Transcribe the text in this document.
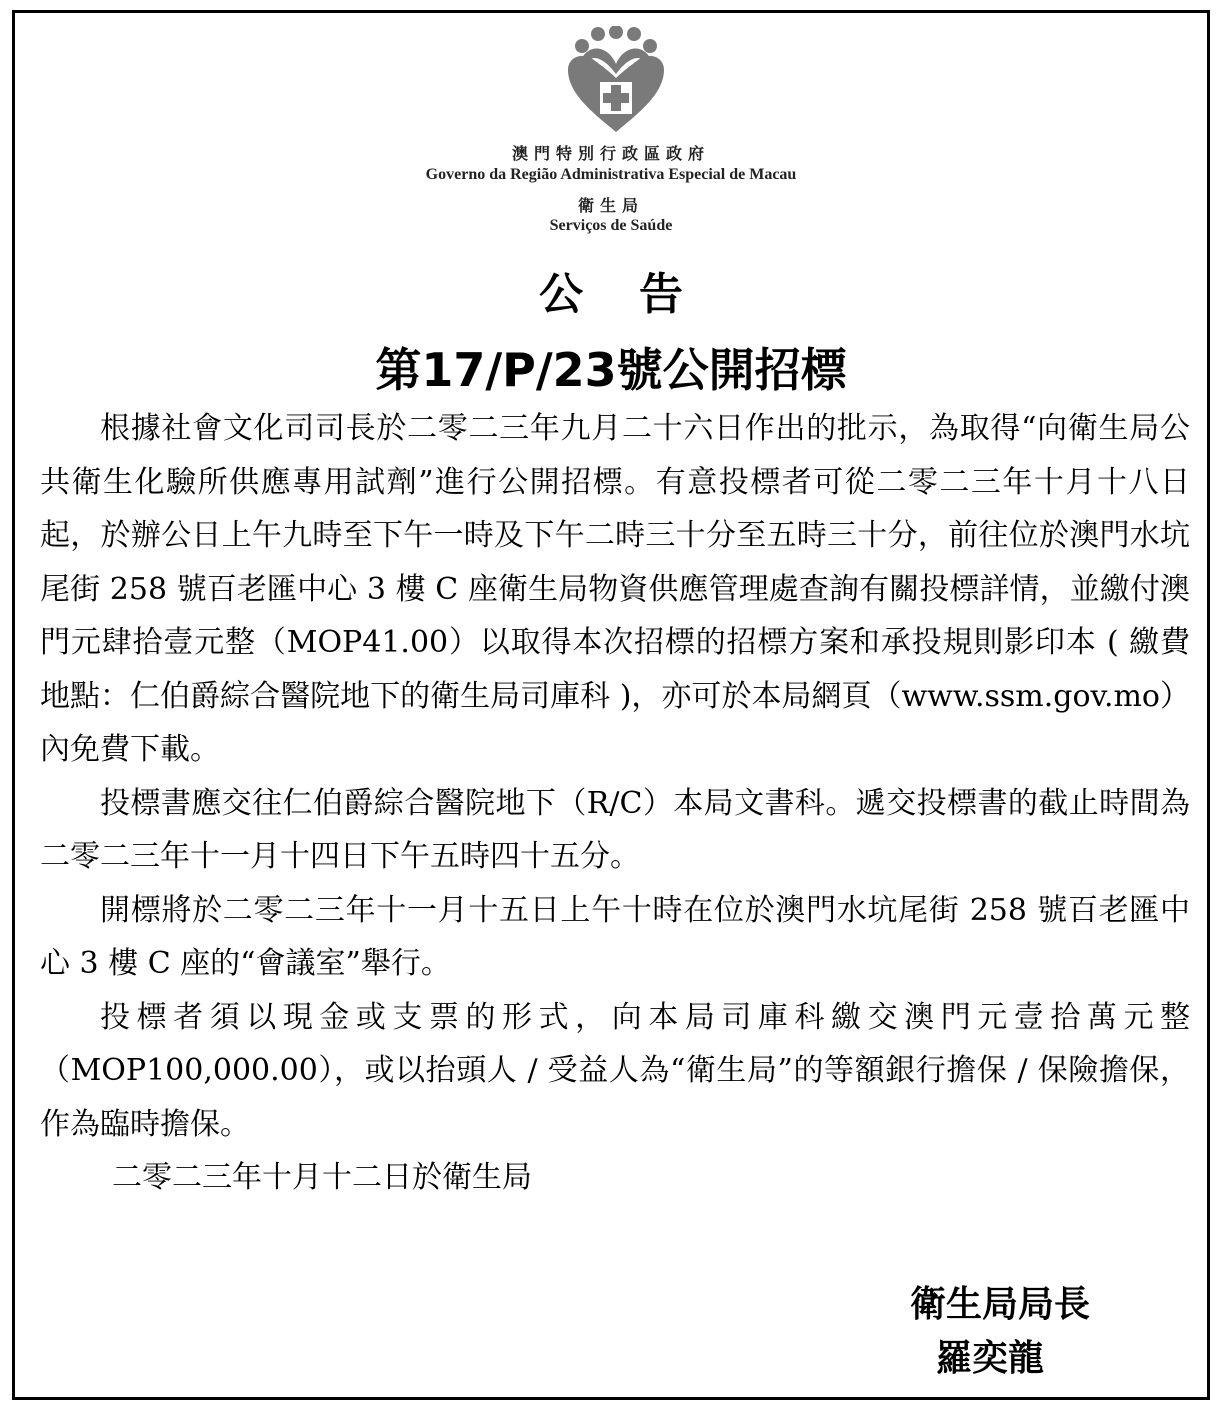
澳門特別行政區政府
Governo da Região Administrativa Especial de Macau
衛生局
Serviços de Saúde
公告
第17/P/23號公開招標

根據社會文化司司長於二零二三年九月二十六日作出的批示，為取得“向衛生局公共衛生化驗所供應專用試劑”進行公開招標。有意投標者可從二零二三年十月十八日起，於辦公日上午九時至下午一時及下午二時三十分至五時三十分，前往位於澳門水坑尾街 258 號百老匯中心 3 樓 C 座衛生局物資供應管理處查詢有關投標詳情，並繳付澳門元肆拾壹元整（MOP41.00）以取得本次招標的招標方案和承投規則影印本 ( 繳費地點：仁伯爵綜合醫院地下的衛生局司庫科 )，亦可於本局網頁（www.ssm.gov.mo）內免費下載。

投標書應交往仁伯爵綜合醫院地下（R/C）本局文書科。遞交投標書的截止時間為二零二三年十一月十四日下午五時四十五分。

開標將於二零二三年十一月十五日上午十時在位於澳門水坑尾街 258 號百老匯中心 3 樓 C 座的“會議室”舉行。

投標者須以現金或支票的形式，向本局司庫科繳交澳門元壹拾萬元整（MOP100,000.00），或以抬頭人 / 受益人為“衛生局”的等額銀行擔保 / 保險擔保，作為臨時擔保。

二零二三年十月十二日於衛生局

衛生局局長
羅奕龍
